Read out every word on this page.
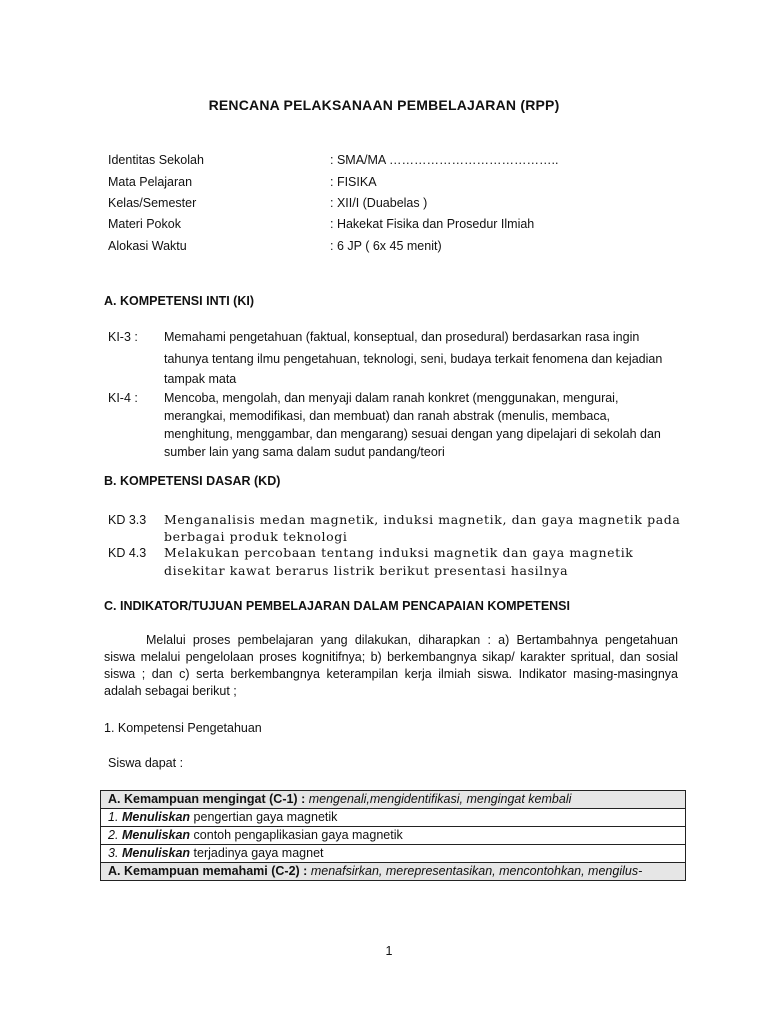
RENCANA PELAKSANAAN PEMBELAJARAN (RPP)
Identitas Sekolah	: SMA/MA …………………………………..
Mata Pelajaran	: FISIKA
Kelas/Semester	: XII/I (Duabelas )
Materi Pokok	: Hakekat Fisika dan Prosedur Ilmiah
Alokasi Waktu	: 6 JP ( 6x 45 menit)
A. KOMPETENSI INTI (KI)
KI-3 : Memahami pengetahuan (faktual, konseptual, dan prosedural) berdasarkan rasa ingin
tahunya tentang ilmu pengetahuan, teknologi, seni, budaya terkait fenomena dan kejadian
tampak mata
KI-4 : Mencoba, mengolah, dan menyaji dalam ranah konkret (menggunakan, mengurai,
merangkai, memodifikasi, dan membuat) dan ranah abstrak (menulis, membaca,
menghitung, menggambar, dan mengarang) sesuai dengan yang dipelajari di sekolah dan
sumber lain yang sama dalam sudut pandang/teori
B. KOMPETENSI DASAR (KD)
KD 3.3 Menganalisis medan magnetik, induksi magnetik, dan gaya magnetik pada
berbagai produk teknologi
KD 4.3 Melakukan percobaan tentang induksi magnetik dan gaya magnetik
disekitar kawat berarus listrik berikut presentasi hasilnya
C. INDIKATOR/TUJUAN PEMBELAJARAN DALAM PENCAPAIAN KOMPETENSI
Melalui proses pembelajaran yang dilakukan, diharapkan : a) Bertambahnya pengetahuan siswa melalui pengelolaan proses kognitifnya; b) berkembangnya sikap/ karakter spritual, dan sosial siswa ; dan c) serta berkembangnya keterampilan kerja ilmiah siswa. Indikator masing-masingnya adalah sebagai berikut ;
1. Kompetensi Pengetahuan
Siswa dapat :
A. Kemampuan mengingat (C-1) : mengenali,mengidentifikasi, mengingat kembali
1. Menuliskan pengertian gaya magnetik
2. Menuliskan contoh pengaplikasian gaya magnetik
3. Menuliskan terjadinya gaya magnet
A. Kemampuan memahami (C-2) : menafsirkan, merepresentasikan, mencontohkan, mengilus-
1
